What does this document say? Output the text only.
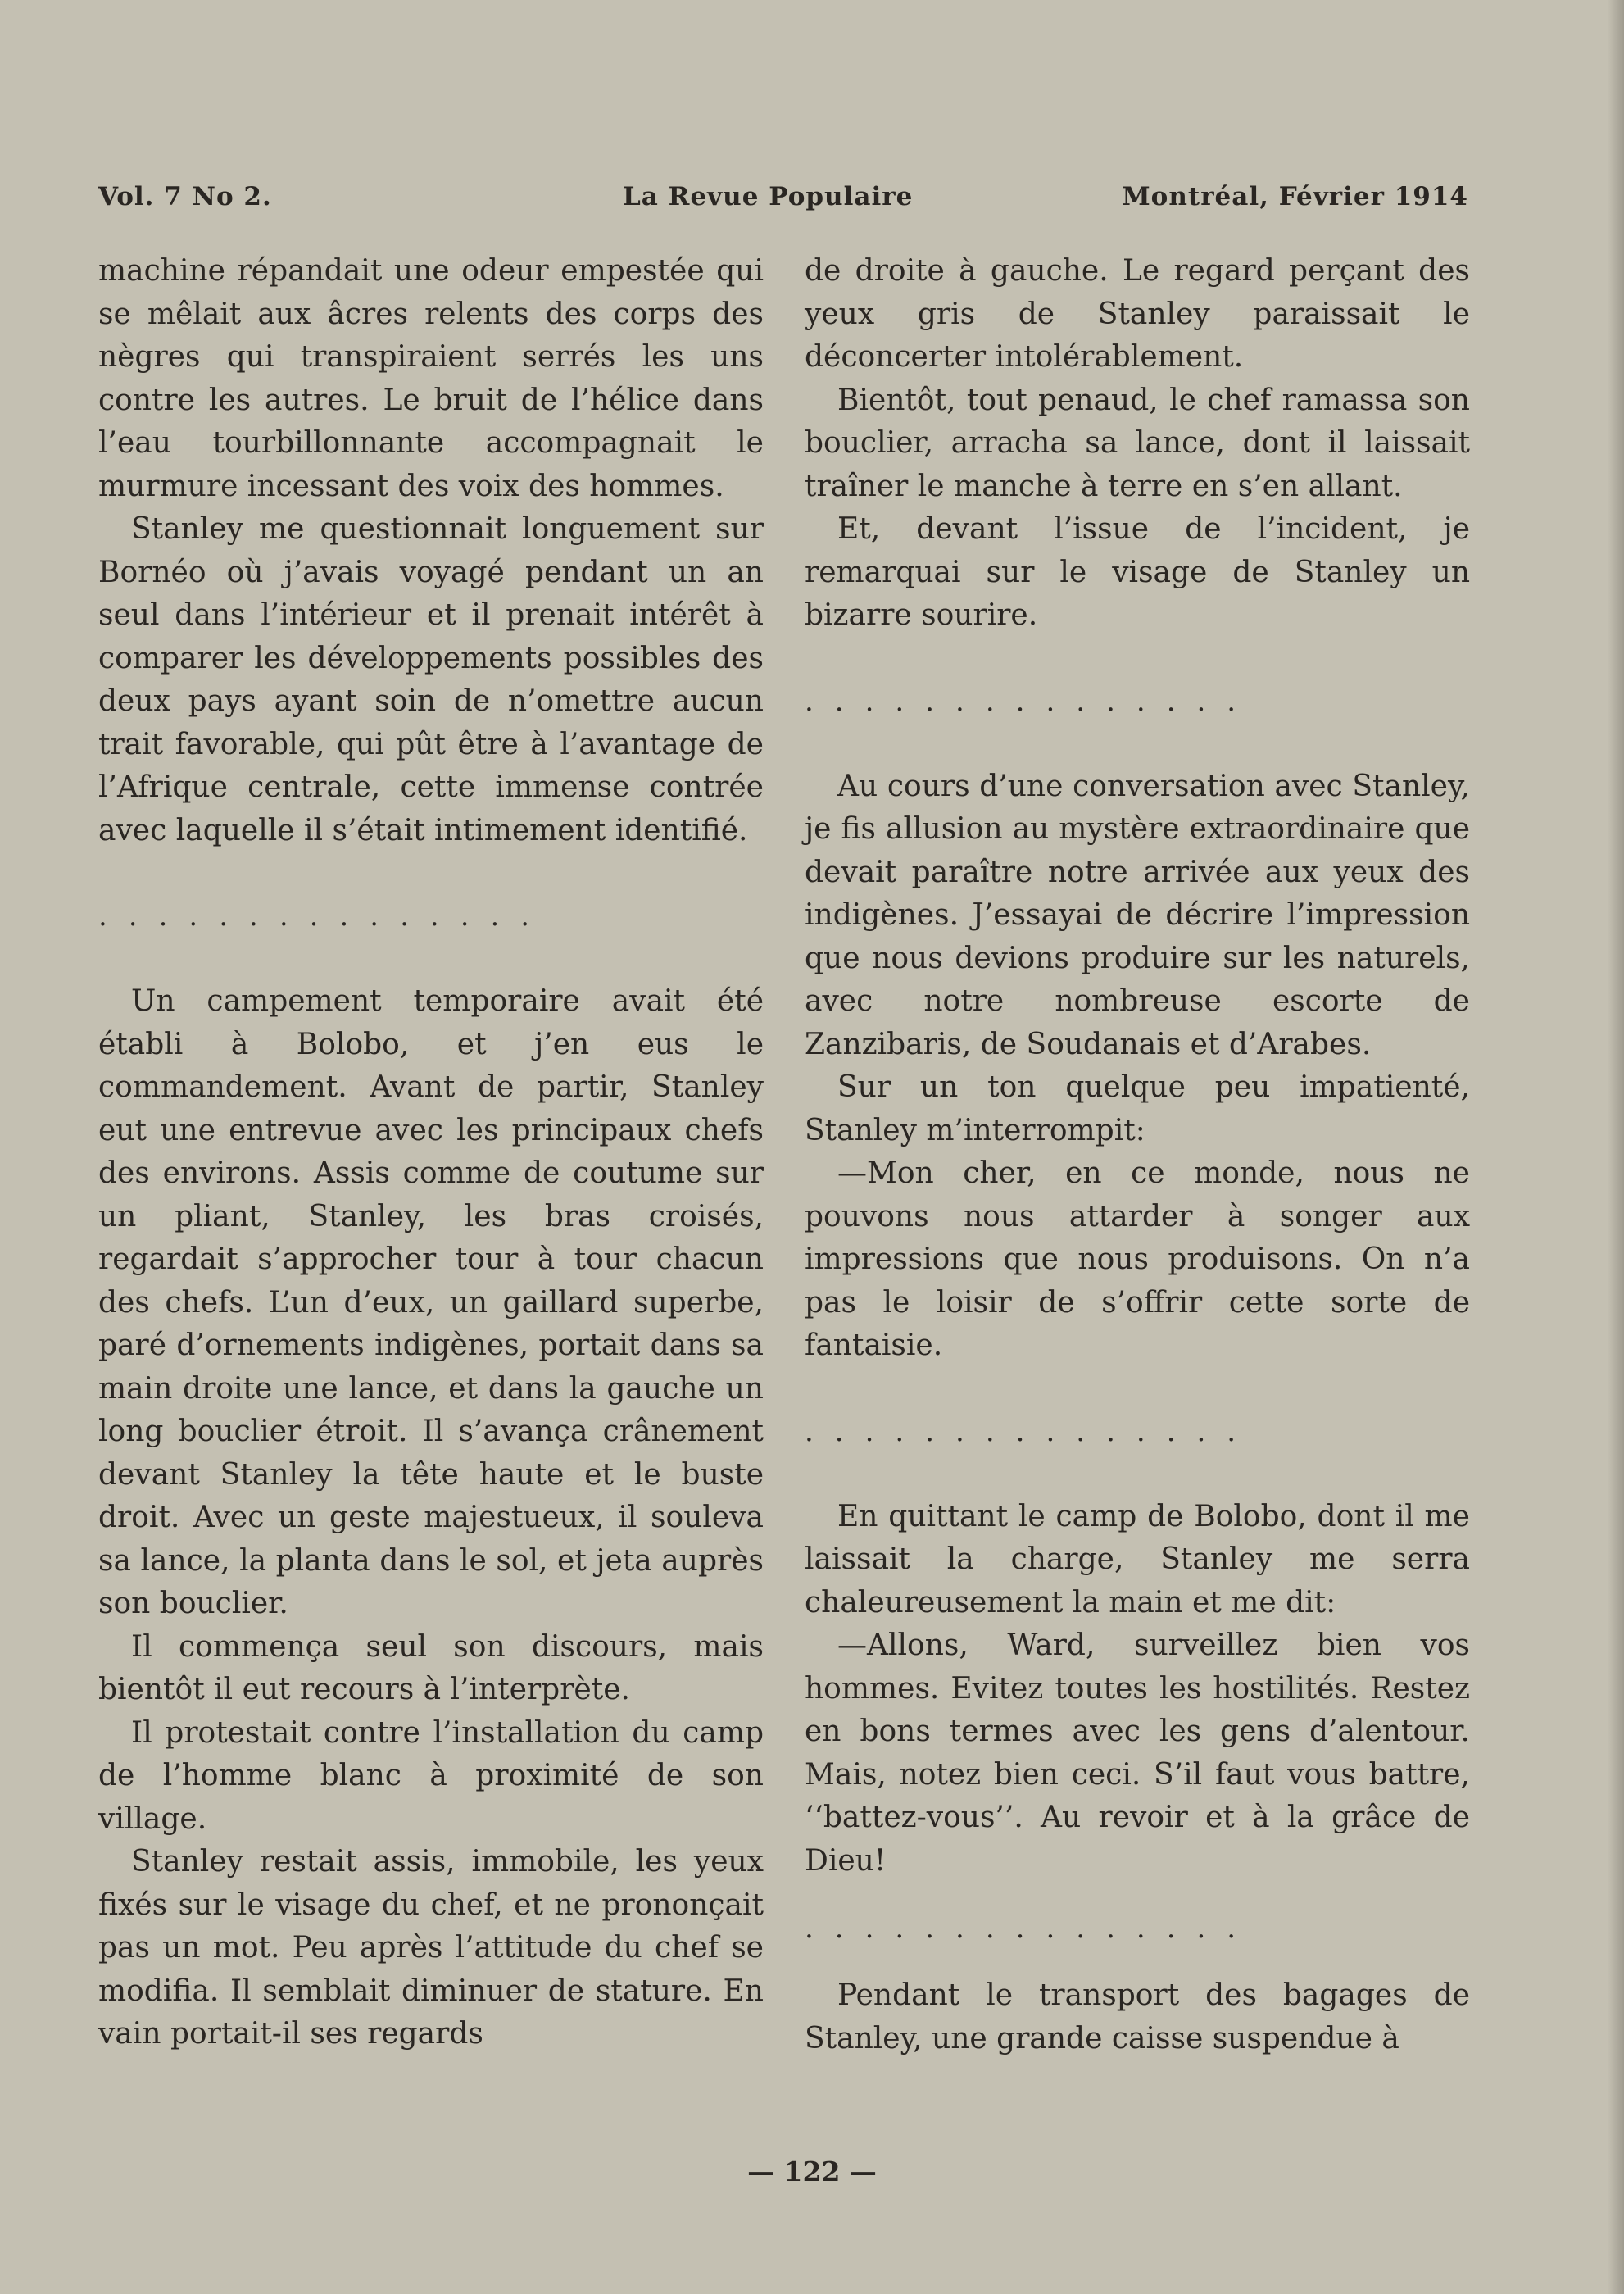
Vol. 7 No 2.	La Revue Populaire	Montréal, Février 1914

machine répandait une odeur empestée qui se mêlait aux âcres relents des corps des nègres qui transpiraient serrés les uns contre les autres. Le bruit de l’hélice dans l’eau tourbillonnante accompagnait le murmure incessant des voix des hommes.

Stanley me questionnait longuement sur Bornéo où j’avais voyagé pendant un an seul dans l’intérieur et il prenait intérêt à comparer les développements possibles des deux pays ayant soin de n’omettre aucun trait favorable, qui pût être à l’avantage de l’Afrique centrale, cette immense contrée avec laquelle il s’était intimement identifié.

...............

Un campement temporaire avait été établi à Bolobo, et j’en eus le commandement. Avant de partir, Stanley eut une entrevue avec les principaux chefs des environs. Assis comme de coutume sur un pliant, Stanley, les bras croisés, regardait s’approcher tour à tour chacun des chefs. L’un d’eux, un gaillard superbe, paré d’ornements indigènes, portait dans sa main droite une lance, et dans la gauche un long bouclier étroit. Il s’avança crânement devant Stanley la tête haute et le buste droit. Avec un geste majestueux, il souleva sa lance, la planta dans le sol, et jeta auprès son bouclier.

Il commença seul son discours, mais bientôt il eut recours à l’interprète.

Il protestait contre l’installation du camp de l’homme blanc à proximité de son village.

Stanley restait assis, immobile, les yeux fixés sur le visage du chef, et ne prononçait pas un mot. Peu après l’attitude du chef se modifia. Il semblait diminuer de stature. En vain portait-il ses regards

de droite à gauche. Le regard perçant des yeux gris de Stanley paraissait le déconcerter intolérablement.

Bientôt, tout penaud, le chef ramassa son bouclier, arracha sa lance, dont il laissait traîner le manche à terre en s’en allant.

Et, devant l’issue de l’incident, je remarquai sur le visage de Stanley un bizarre sourire.

...............

Au cours d’une conversation avec Stanley, je fis allusion au mystère extraordinaire que devait paraître notre arrivée aux yeux des indigènes. J’essayai de décrire l’impression que nous devions produire sur les naturels, avec notre nombreuse escorte de Zanzibaris, de Soudanais et d’Arabes.

Sur un ton quelque peu impatienté, Stanley m’interrompit:

—Mon cher, en ce monde, nous ne pouvons nous attarder à songer aux impressions que nous produisons. On n’a pas le loisir de s’offrir cette sorte de fantaisie.

...............

En quittant le camp de Bolobo, dont il me laissait la charge, Stanley me serra chaleureusement la main et me dit:

—Allons, Ward, surveillez bien vos hommes. Evitez toutes les hostilités. Restez en bons termes avec les gens d’alentour. Mais, notez bien ceci. S’il faut vous battre, ‘‘battez-vous’’. Au revoir et à la grâce de Dieu!

...............

Pendant le transport des bagages de Stanley, une grande caisse suspendue à

— 122 —
